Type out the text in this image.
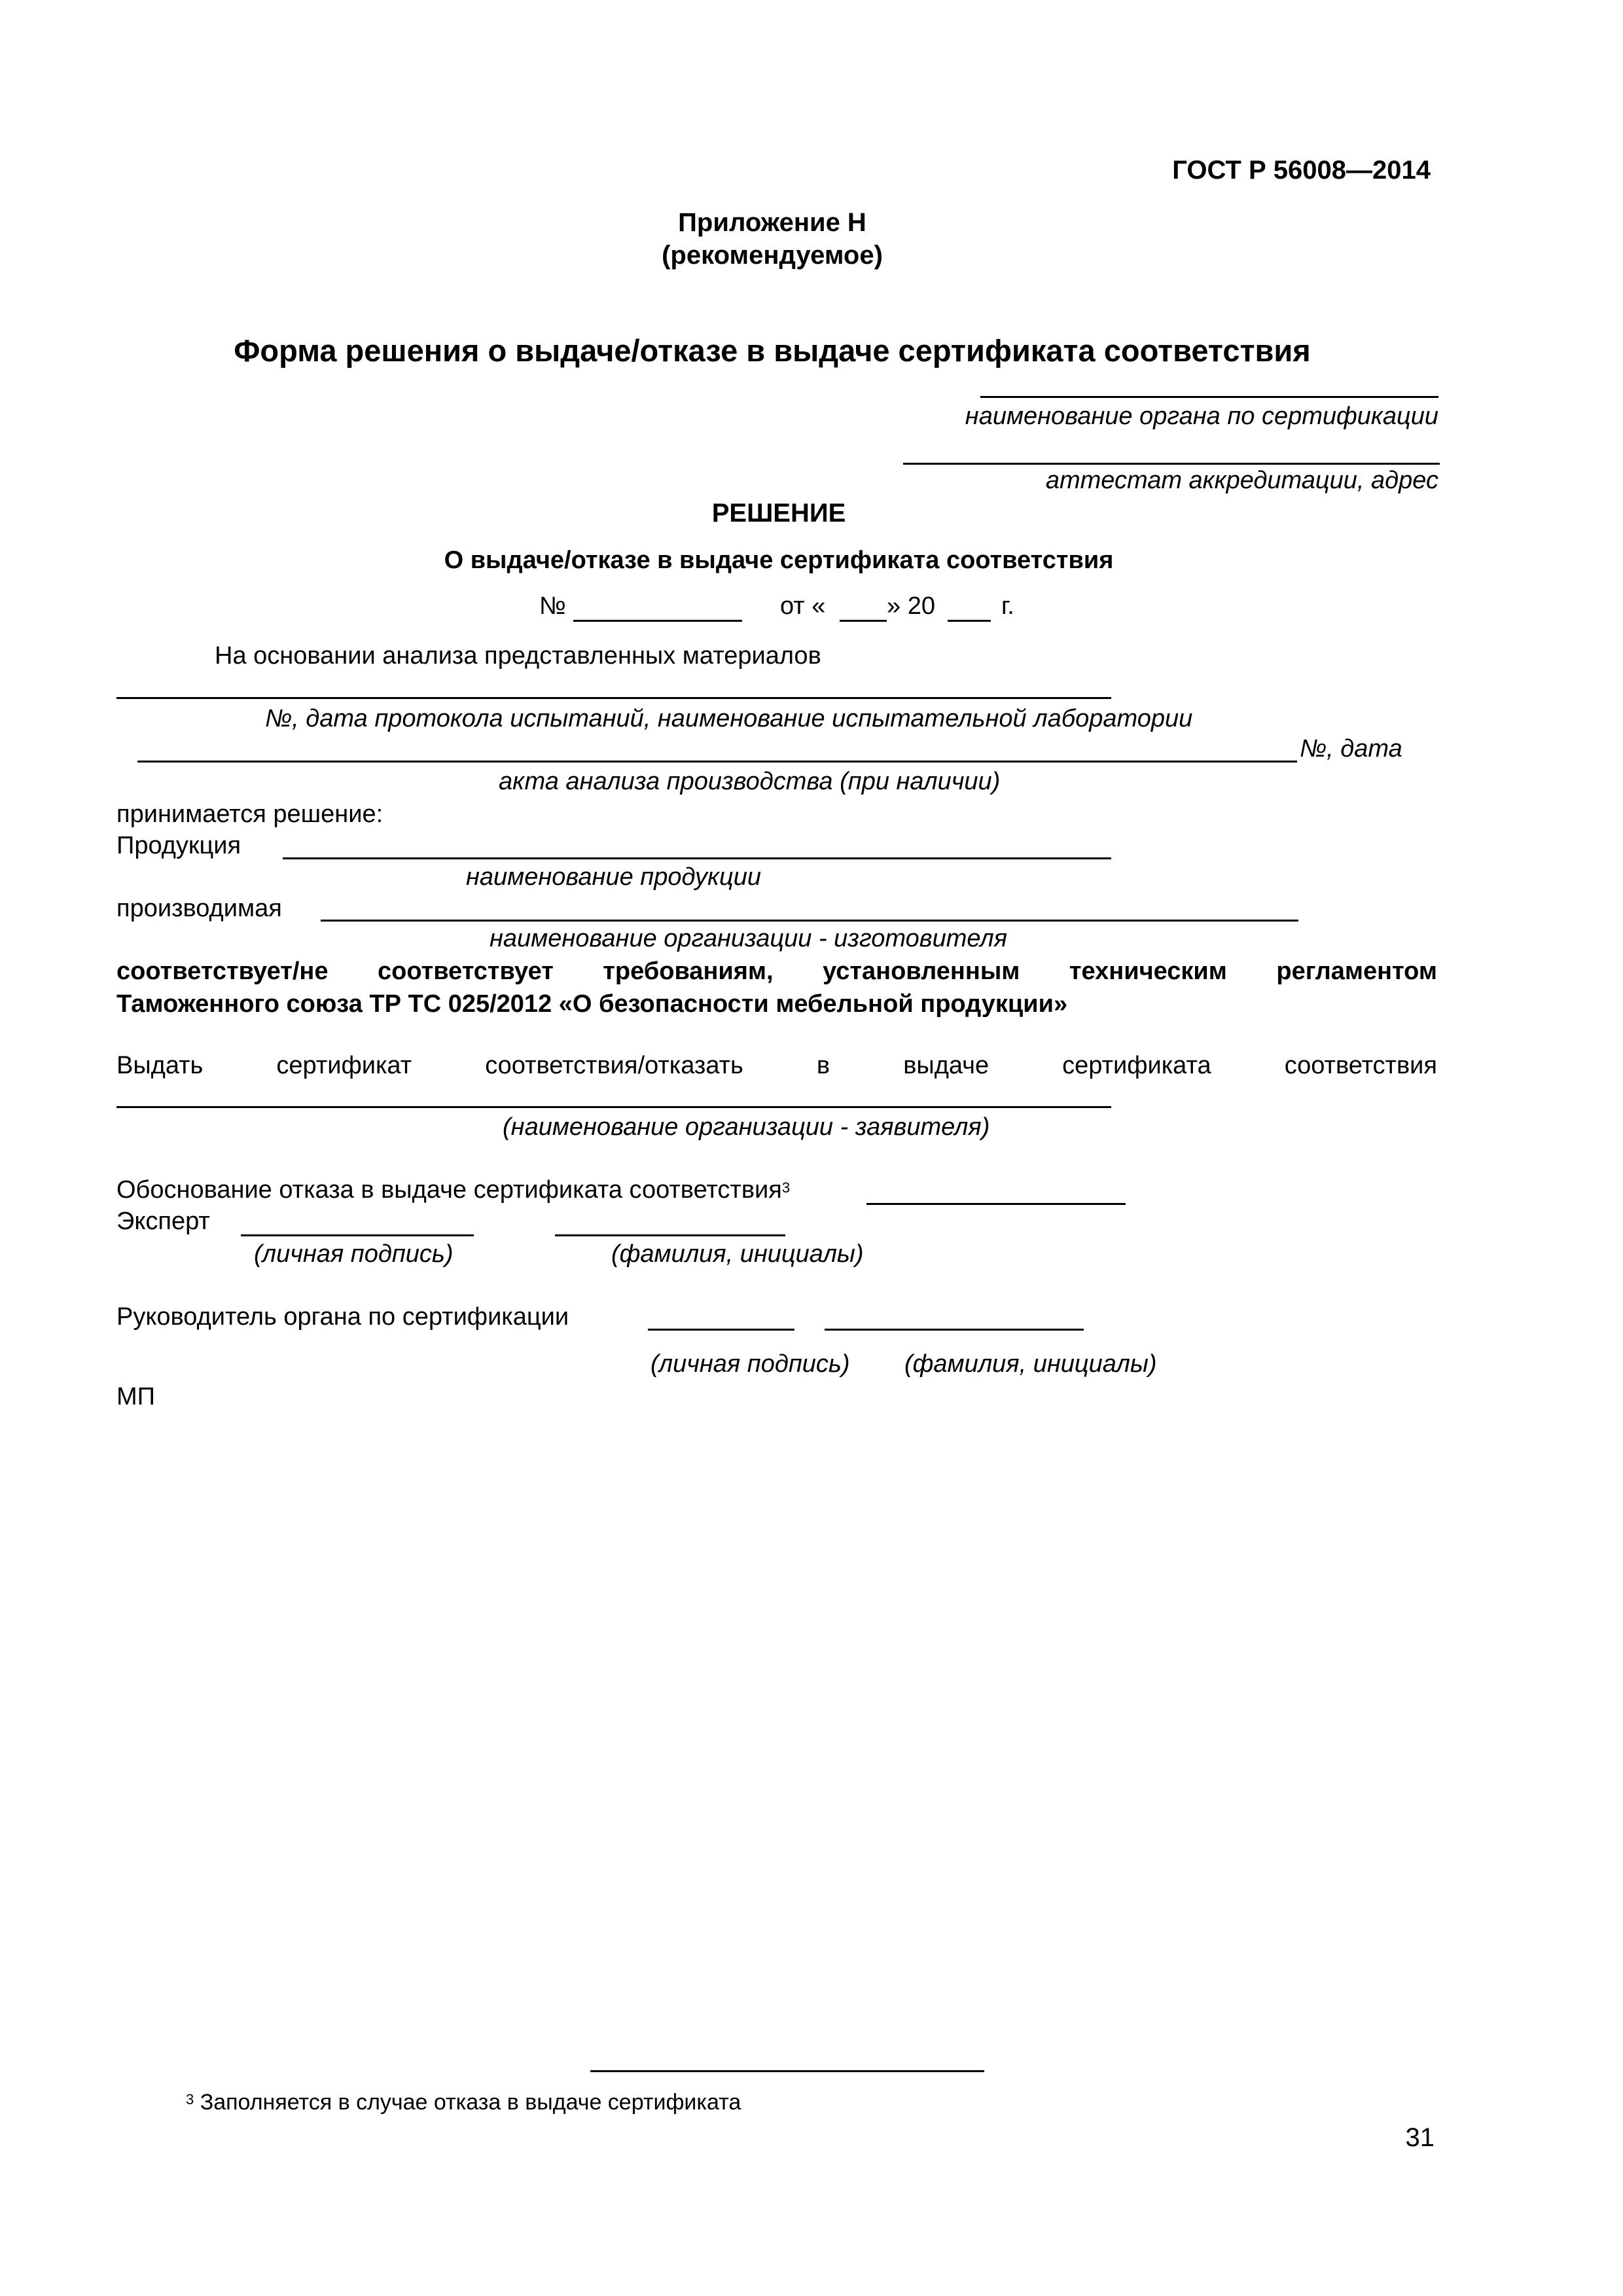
ГОСТ Р 56008—2014
Приложение Н
(рекомендуемое)
Форма решения о выдаче/отказе в выдаче сертификата соответствия
наименование органа по сертификации
аттестат аккредитации, адрес
РЕШЕНИЕ
О выдаче/отказе в выдаче сертификата соответствия
№	от « » 20	г.
На основании анализа представленных материалов
№, дата протокола испытаний, наименование испытательной лаборатории
№, дата
акта анализа производства (при наличии)
принимается решение:
Продукция
наименование продукции
производимая
наименование организации - изготовителя
соответствует/не соответствует требованиям, установленным техническим регламентом
Таможенного союза ТР ТС 025/2012 «О безопасности мебельной продукции»
Выдать	сертификат	соответствия/отказать	в	выдаче	сертификата	соответствия
(наименование организации - заявителя)
Обоснование отказа в выдаче сертификата соответствия$^3$
Эксперт
(личная подпись)	(фамилия, инициалы)
Руководитель органа по сертификации
(личная подпись) (фамилия, инициалы)
МП
$^3$ Заполняется в случае отказа в выдаче сертификата
31
